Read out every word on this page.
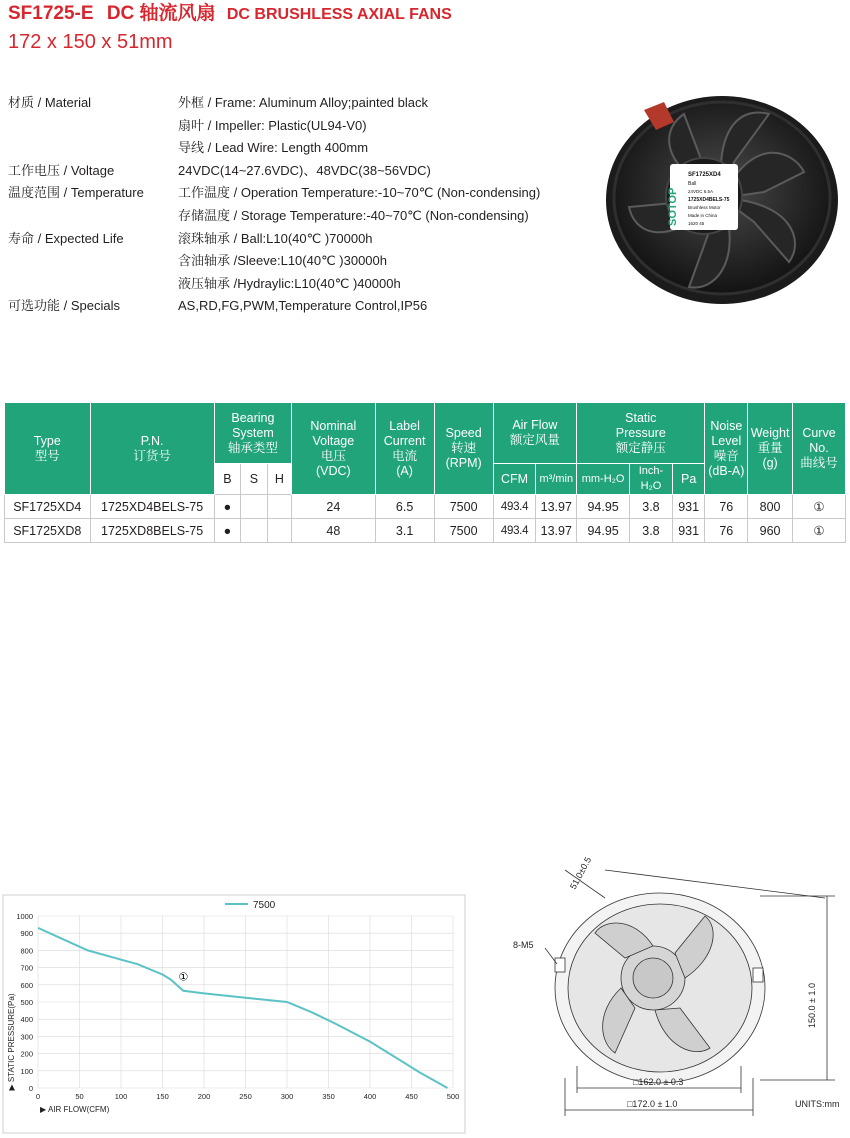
SF1725-E DC 轴流风扇 DC BRUSHLESS AXIAL FANS
172 x 150 x 51mm
材质 / Material	外框 / Frame: Aluminum Alloy;painted black
扇叶 / Impeller: Plastic(UL94-V0)
导线 / Lead Wire: Length 400mm
工作电压 / Voltage	24VDC(14~27.6VDC)、48VDC(38~56VDC)
温度范围 / Temperature	工作温度 / Operation Temperature:-10~70℃ (Non-condensing)
存储温度 / Storage Temperature:-40~70℃ (Non-condensing)
寿命 / Expected Life	滚珠轴承 / Ball:L10(40℃ )70000h
含油轴承 /Sleeve:L10(40℃ )30000h
液压轴承 /Hydraylic:L10(40℃ )40000h
可选功能 / Specials	AS,RD,FG,PWM,Temperature Control,IP56
SOTOP
SF1725XD4
Ball
24VDC 6.5A
1725XD4BELS-75
Brushless Motor
Made in China
1620 45
Type
型号	P.N.
订货号	Bearing
System
轴承类型			Nominal
Voltage
电压
(VDC)	Label
Current
电流
(A)	Speed
转速
(RPM)	Air Flow
额定风量		Static
Pressure
额定静压			Noise
Level
噪音
(dB-A)	Weight
重量
(g)	Curve
No.
曲线号
		B	S	H				CFM	m³/min	mm-H₂O	Inch-H₂O	Pa			
SF1725XD4	1725XD4BELS-75	●			24	6.5	7500	493.4	13.97	94.95	3.8	931	76	800	①
SF1725XD8	1725XD8BELS-75	●			48	3.1	7500	493.4	13.97	94.95	3.8	931	76	960	①
7500
0
100
200
300
400
500
600
700
800
900
1000
0	50	100	150	200	250	300	350	400	450	500
①
▶ STATIC PRESSURE(Pa)
▶ AIR FLOW(CFM)
51.0±0.5
8-M5
150.0 ± 1.0
□162.0 ± 0.3
□172.0 ± 1.0	UNITS:mm
